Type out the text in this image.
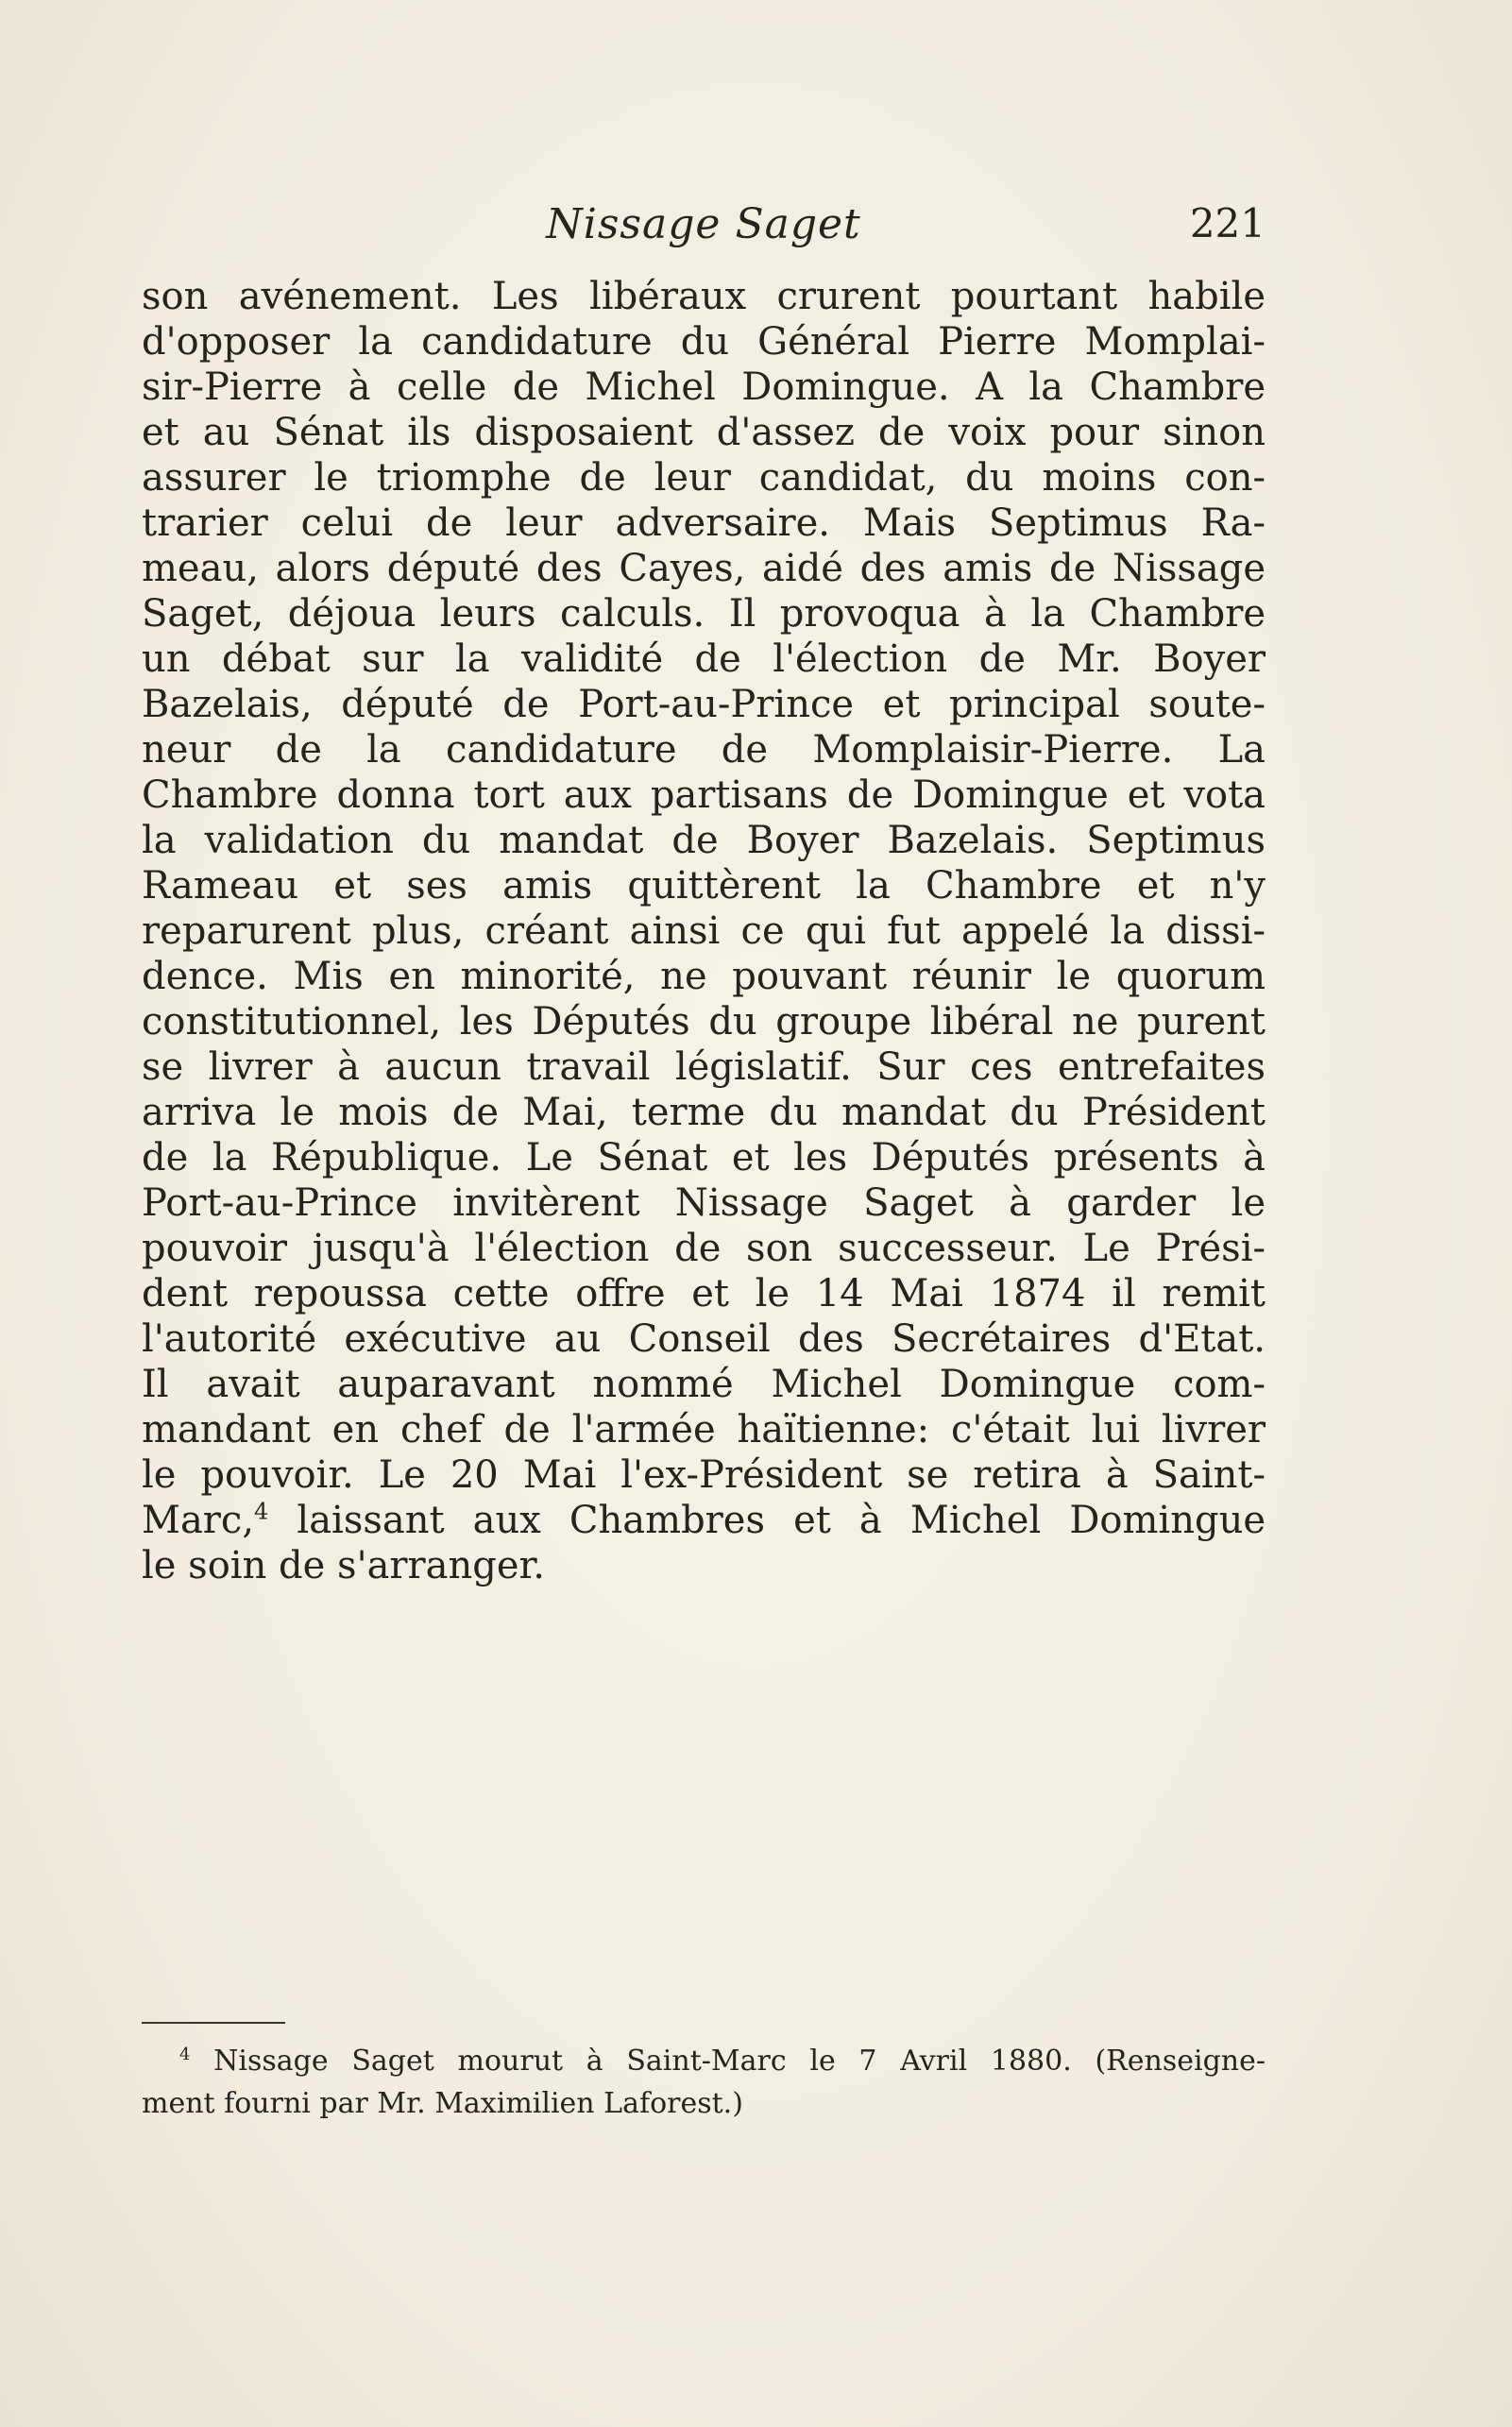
Nissage Saget	221
son avénement. Les libéraux crurent pourtant habile
d'opposer la candidature du Général Pierre Momplai-
sir-Pierre à celle de Michel Domingue. A la Chambre
et au Sénat ils disposaient d'assez de voix pour sinon
assurer le triomphe de leur candidat, du moins con-
trarier celui de leur adversaire. Mais Septimus Ra-
meau, alors député des Cayes, aidé des amis de Nissage
Saget, déjoua leurs calculs. Il provoqua à la Chambre
un débat sur la validité de l'élection de Mr. Boyer
Bazelais, député de Port-au-Prince et principal soute-
neur de la candidature de Momplaisir-Pierre. La
Chambre donna tort aux partisans de Domingue et vota
la validation du mandat de Boyer Bazelais. Septimus
Rameau et ses amis quittèrent la Chambre et n'y
reparurent plus, créant ainsi ce qui fut appelé la dissi-
dence. Mis en minorité, ne pouvant réunir le quorum
constitutionnel, les Députés du groupe libéral ne purent
se livrer à aucun travail législatif. Sur ces entrefaites
arriva le mois de Mai, terme du mandat du Président
de la République. Le Sénat et les Députés présents à
Port-au-Prince invitèrent Nissage Saget à garder le
pouvoir jusqu'à l'élection de son successeur. Le Prési-
dent repoussa cette offre et le 14 Mai 1874 il remit
l'autorité exécutive au Conseil des Secrétaires d'Etat.
Il avait auparavant nommé Michel Domingue com-
mandant en chef de l'armée haïtienne: c'était lui livrer
le pouvoir. Le 20 Mai l'ex-Président se retira à Saint-
Marc,$^4$ laissant aux Chambres et à Michel Domingue
le soin de s'arranger.
$^4$ Nissage Saget mourut à Saint-Marc le 7 Avril 1880. (Renseigne-
ment fourni par Mr. Maximilien Laforest.)
